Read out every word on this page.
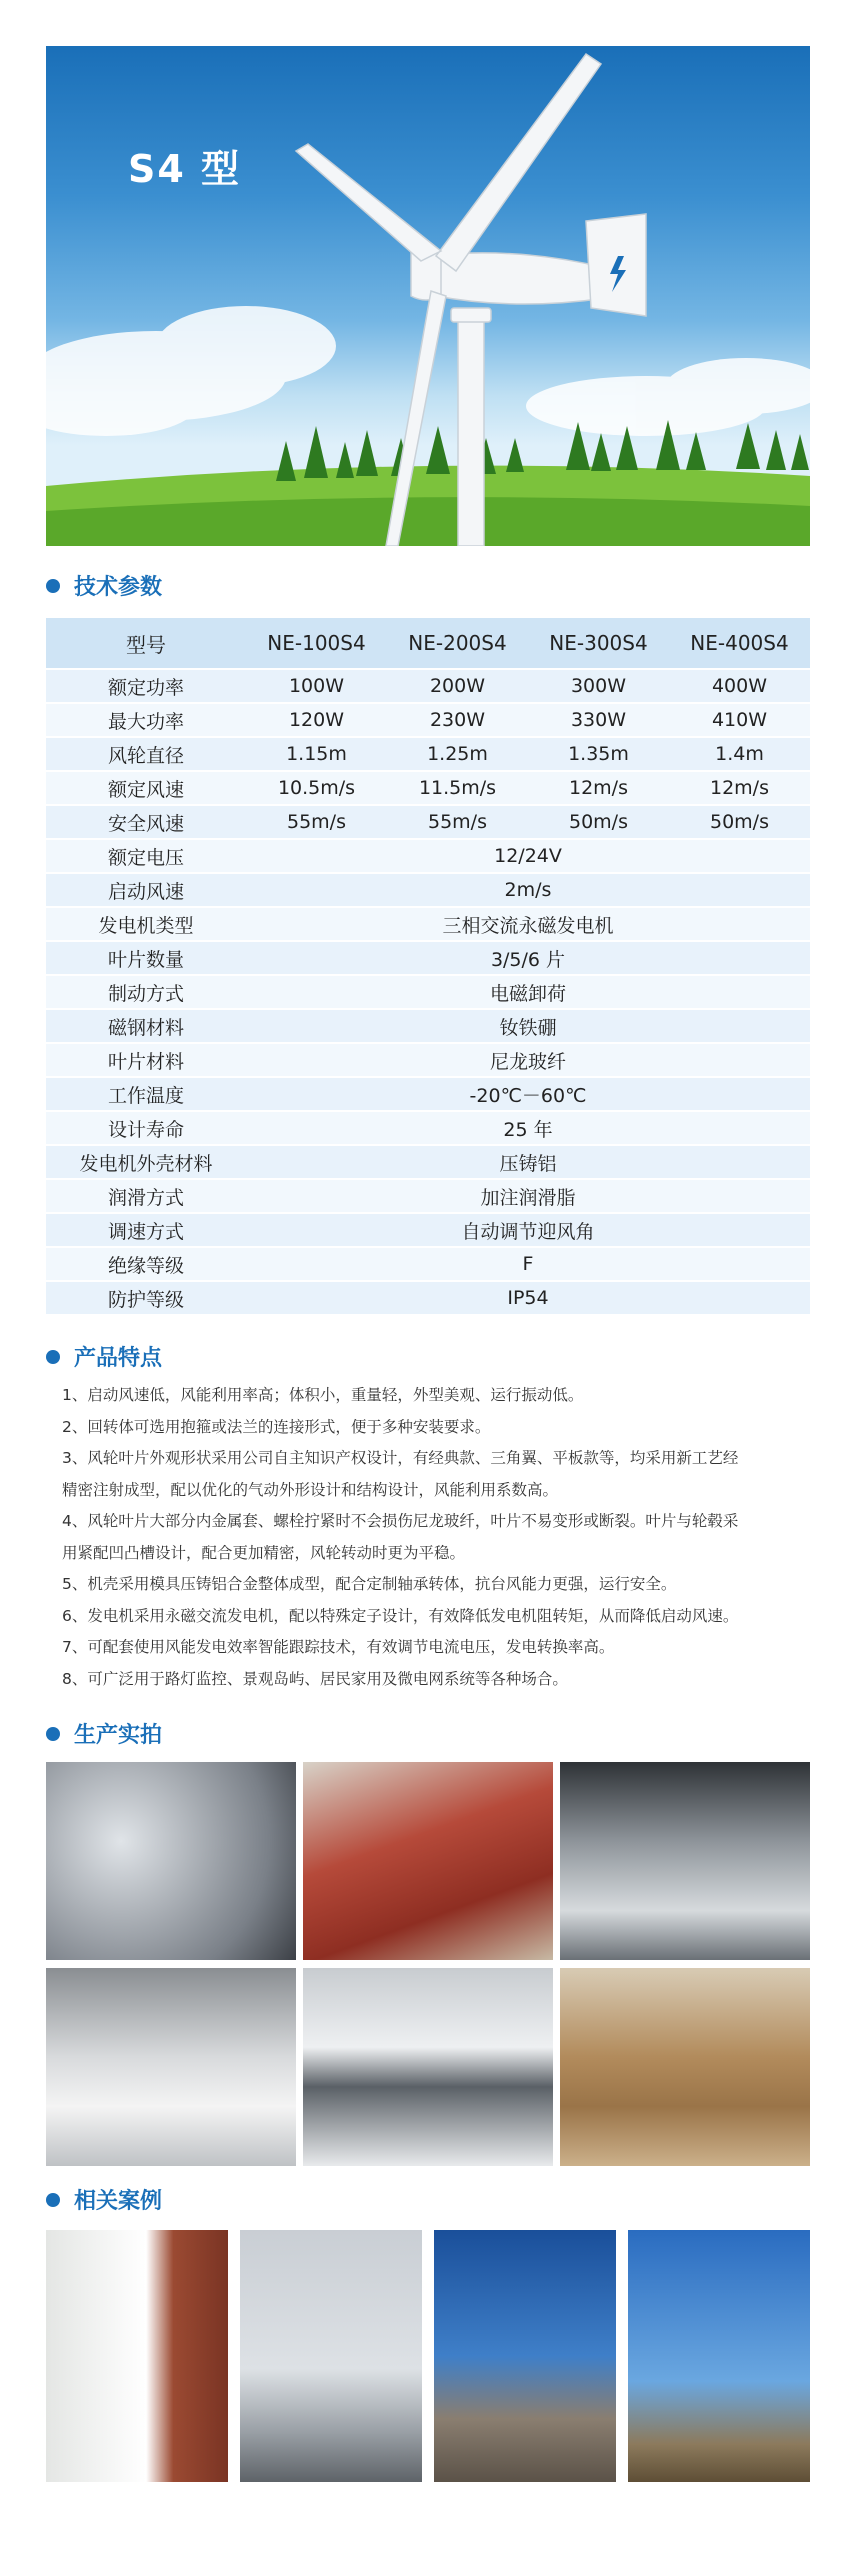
S4 型
技术参数
型号	NE-100S4	NE-200S4	NE-300S4	NE-400S4
额定功率	100W	200W	300W	400W
最大功率	120W	230W	330W	410W
风轮直径	1.15m	1.25m	1.35m	1.4m
额定风速	10.5m/s	11.5m/s	12m/s	12m/s
安全风速	55m/s	55m/s	50m/s	50m/s
额定电压	12/24V
启动风速	2m/s
发电机类型	三相交流永磁发电机
叶片数量	3/5/6 片
制动方式	电磁卸荷
磁钢材料	钕铁硼
叶片材料	尼龙玻纤
工作温度	-20℃－60℃
设计寿命	25 年
发电机外壳材料	压铸铝
润滑方式	加注润滑脂
调速方式	自动调节迎风角
绝缘等级	F
防护等级	IP54
产品特点

1、启动风速低，风能利用率高；体积小，重量轻，外型美观、运行振动低。

2、回转体可选用抱箍或法兰的连接形式，便于多种安装要求。

3、风轮叶片外观形状采用公司自主知识产权设计，有经典款、三角翼、平板款等，均采用新工艺经

精密注射成型，配以优化的气动外形设计和结构设计，风能利用系数高。

4、风轮叶片大部分内金属套、螺栓拧紧时不会损伤尼龙玻纤，叶片不易变形或断裂。叶片与轮毂采

用紧配凹凸槽设计，配合更加精密，风轮转动时更为平稳。

5、机壳采用模具压铸铝合金整体成型，配合定制轴承转体，抗台风能力更强，运行安全。

6、发电机采用永磁交流发电机，配以特殊定子设计，有效降低发电机阻转矩，从而降低启动风速。

7、可配套使用风能发电效率智能跟踪技术，有效调节电流电压，发电转换率高。

8、可广泛用于路灯监控、景观岛屿、居民家用及微电网系统等各种场合。

生产实拍
相关案例
